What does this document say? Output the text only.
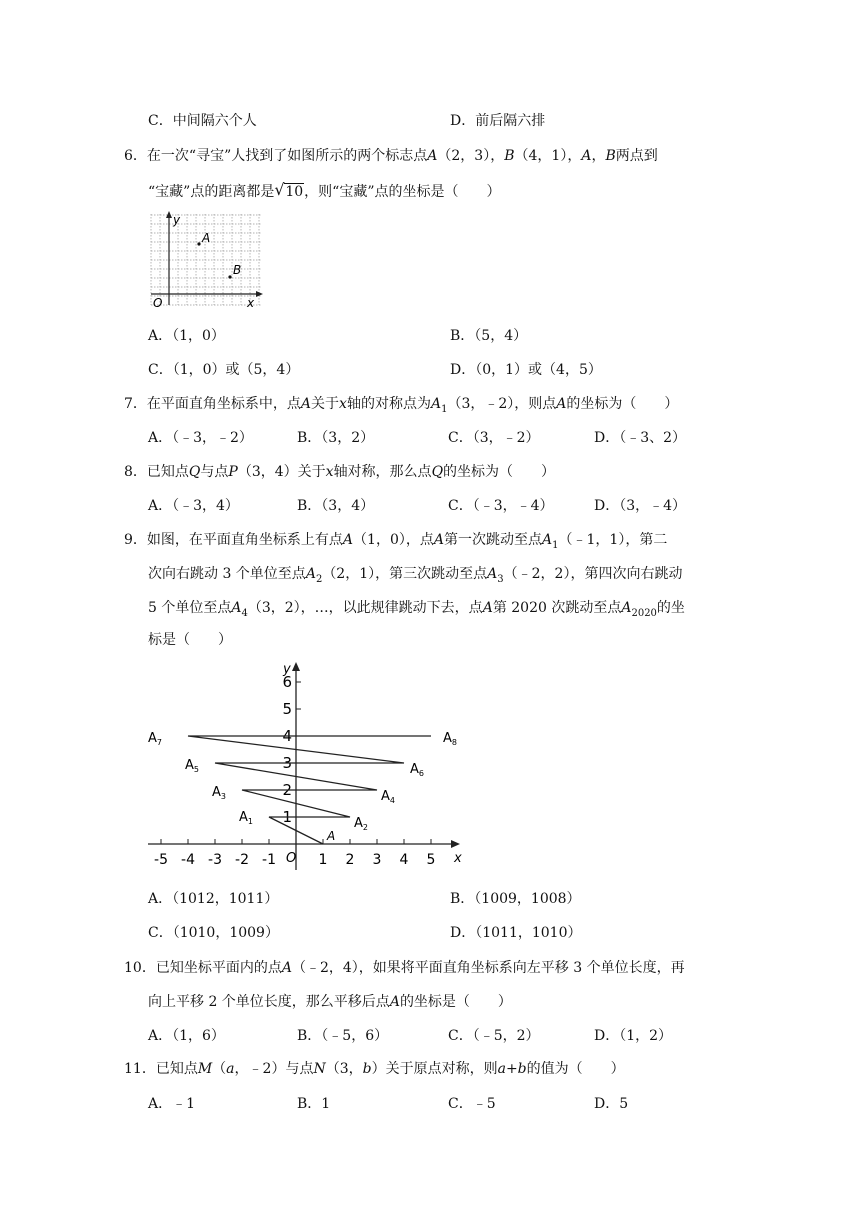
C．中间隔六个人	D．前后隔六排
6．在一次“寻宝”人找到了如图所示的两个标志点A（2，3），B（4，1），A，B两点到
“宝藏”点的距离都是 √ 10，则“宝藏”点的坐标是（　　）
y
A
B
O	x
A．（1，0）	B．（5，4）
C．（1，0）或（5，4）	D．（0，1）或（4，5）
7．在平面直角坐标系中，点A关于x轴的对称点为$A_1(3$，﹣2），则点A的坐标为（　　）
A．（﹣3，﹣2）	B．（3，2）	C．（3，﹣2）	D．（﹣3、2）
8．已知点Q与点P（3，4）关于x轴对称，那么点Q的坐标为（　　）
A．（﹣3，4）	B．（3，4）	C．（﹣3，﹣4）	D．（3，﹣4）
9．如图，在平面直角坐标系上有点A（1，0），点A第一次跳动至点$A_1(﹣1$，1），第二
次向右跳动 3 个单位至点$A_2(2$，1），第三次跳动至点$A_3(﹣2$，2），第四次向右跳动
5 个单位至点$A_4(3$，2），…，以此规律跳动下去，点A第 2020 次跳动至点$A_{2020}$的坐
标是（　　）
x
y
O
-5 -4 -3 -2 -1	1 2 3 4 5
1
2
3
4
5
6
A
$A_1$	$A_2$
$A_3$	$A_4$
$A_5$	$A_6$
$A_7$	$A_8$
A．（1012，1011）	B．（1009，1008）
C．（1010，1009）	D．（1011，1010）
10．已知坐标平面内的点A（﹣2，4），如果将平面直角坐标系向左平移 3 个单位长度，再
向上平移 2 个单位长度，那么平移后点A的坐标是（　　）
A．（1，6）	B．（﹣5，6）	C．（﹣5，2）	D．（1，2）
11．已知点M（a，﹣2）与点N（3，b）关于原点对称，则a+b的值为（　　）
A．﹣1	B．1	C．﹣5	D．5
